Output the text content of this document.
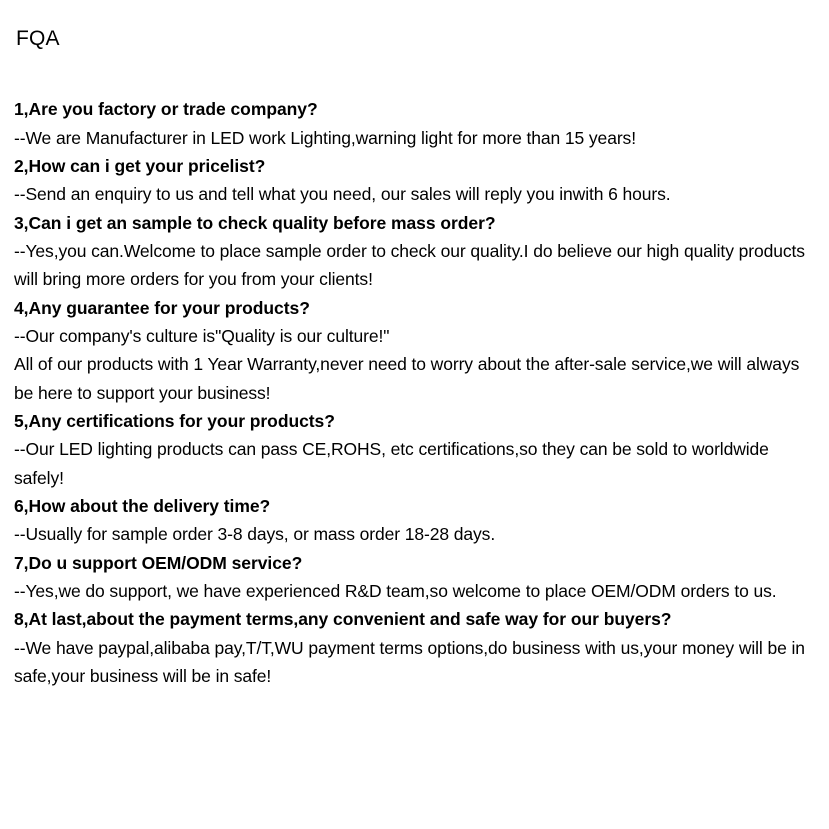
FQA

1,Are you factory or trade company?

--We are Manufacturer in LED work Lighting,warning light for more than 15 years!

2,How can i get your pricelist?

--Send an enquiry to us and tell what you need, our sales will reply you inwith 6 hours.

3,Can i get an sample to check quality before mass order?

--Yes,you can.Welcome to place sample order to check our quality.I do believe our high quality products will bring more orders for you from your clients!

4,Any guarantee for your products?

--Our company's culture is"Quality is our culture!"

All of our products with 1 Year Warranty,never need to worry about the after-sale service,we will always be here to support your business!

5,Any certifications for your products?

--Our LED lighting products can pass CE,ROHS, etc certifications,so they can be sold to worldwide safely!

6,How about the delivery time?

--Usually for sample order 3-8 days, or mass order 18-28 days.

7,Do u support OEM/ODM service?

--Yes,we do support, we have experienced R&D team,so welcome to place OEM/ODM orders to us.

8,At last,about the payment terms,any convenient and safe way for our buyers?

--We have paypal,alibaba pay,T/T,WU payment terms options,do business with us,your money will be in safe,your business will be in safe!
